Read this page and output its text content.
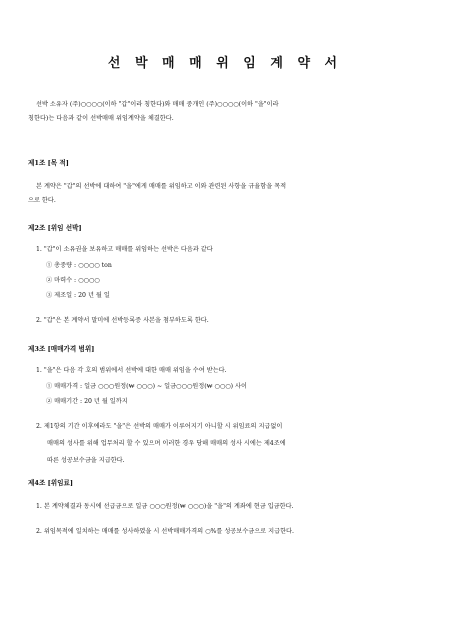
선 박 매 매 위 임 계 약 서
선박 소유자 (주)○○○○(이하 "갑"이라 칭한다)와 매매 중개인 (주)○○○○(이하 "을"이라
칭한다)는 다음과 같이 선박매매 위임계약을 체결한다.
제1조 [목 적]
본 계약은 "갑"의 선박에 대하여 "을"에게 매매를 위임하고 이와 관련된 사항을 규율함을 목적
으로 한다.
제2조 [위임 선박]
1. "갑"이 소유권을 보유하고 매매를 위임하는 선박은 다음과 같다
① 총중량 : ○○○○ ton
② 마력수 : ○○○○
③ 제조일 : 20 년 월 일
2. "갑"은 본 계약서 말미에 선박등록증 사본을 첨부하도록 한다.
제3조 [매매가격 범위]
1. "을"은 다음 각 호의 범위에서 선박에 대한 매매 위임을 수여 받는다.
① 매매가격 : 일금 ○○○원정(₩ ○○○) ~ 일금○○○원정(₩ ○○○) 사이
② 매매기간 : 20 년 월 일까지
2. 제1항의 기간 이후에라도 "을"은 선박의 매매가 이루어지기 아니할 시 위임료의 지급없이
매매의 성사를 위해 업무처리 할 수 있으며 이러한 경우 당해 매매의 성사 시에는 제4조에
따른 성공보수금을 지급한다.
제4조 [위임료]
1. 본 계약체결과 동시에 선급금으로 일금 ○○○원정(₩ ○○○)을 "을"의 계좌에 현금 입금한다.
2. 위임목적에 일치하는 매매를 성사하였을 시 선박매매가격의 ○%를 성공보수금으로 지급한다.
